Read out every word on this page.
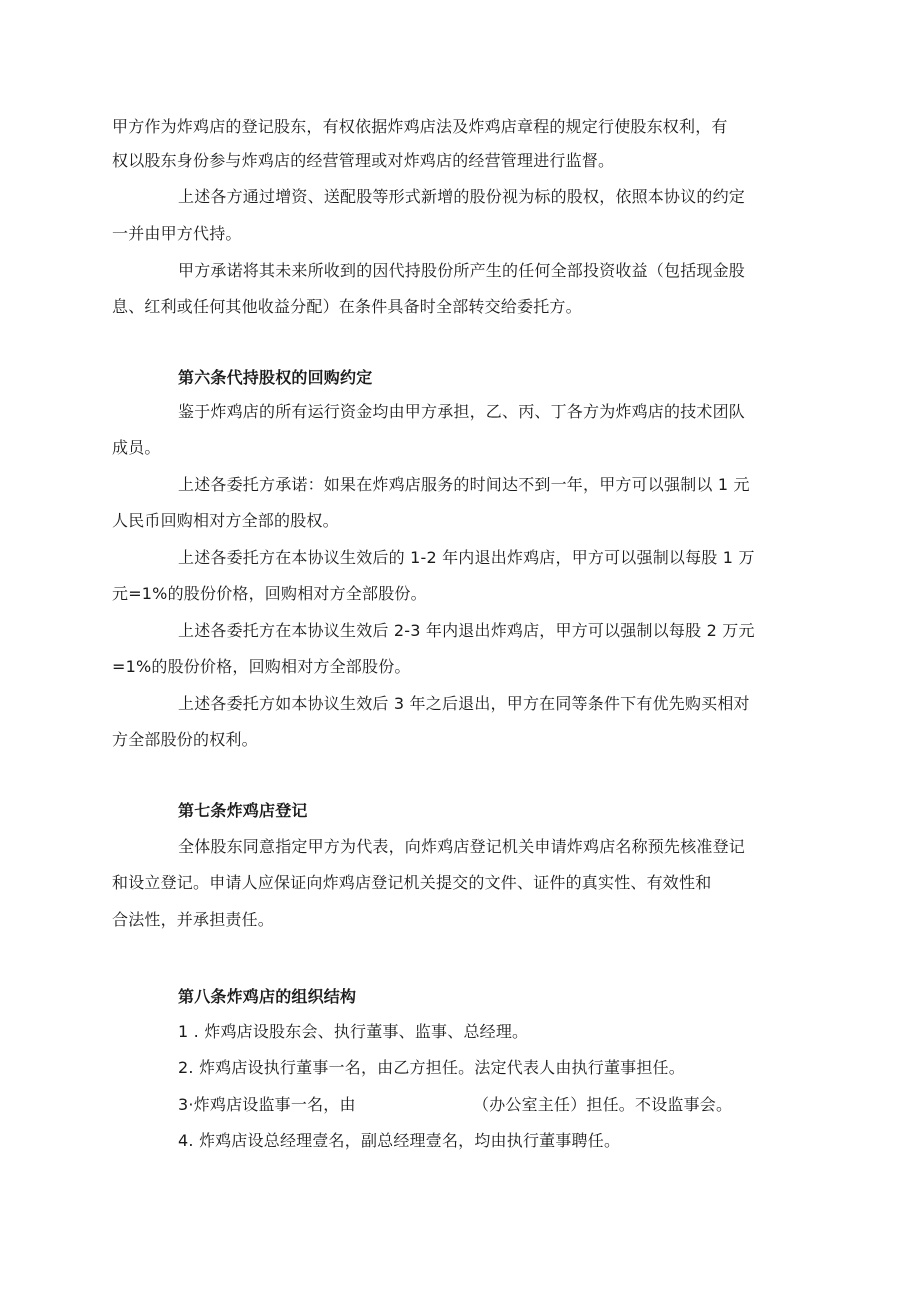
甲方作为炸鸡店的登记股东，有权依据炸鸡店法及炸鸡店章程的规定行使股东权利，有
权以股东身份参与炸鸡店的经营管理或对炸鸡店的经营管理进行监督。
上述各方通过增资、送配股等形式新增的股份视为标的股权，依照本协议的约定
一并由甲方代持。
甲方承诺将其未来所收到的因代持股份所产生的任何全部投资收益（包括现金股
息、红利或任何其他收益分配）在条件具备时全部转交给委托方。
第六条代持股权的回购约定
鉴于炸鸡店的所有运行资金均由甲方承担，乙、丙、丁各方为炸鸡店的技术团队
成员。
上述各委托方承诺：如果在炸鸡店服务的时间达不到一年，甲方可以强制以 1 元
人民币回购相对方全部的股权。
上述各委托方在本协议生效后的 1-2 年内退出炸鸡店，甲方可以强制以每股 1 万
元=1%的股份价格，回购相对方全部股份。
上述各委托方在本协议生效后 2-3 年内退出炸鸡店，甲方可以强制以每股 2 万元
=1%的股份价格，回购相对方全部股份。
上述各委托方如本协议生效后 3 年之后退出，甲方在同等条件下有优先购买相对
方全部股份的权利。
第七条炸鸡店登记
全体股东同意指定甲方为代表，向炸鸡店登记机关申请炸鸡店名称预先核准登记
和设立登记。申请人应保证向炸鸡店登记机关提交的文件、证件的真实性、有效性和
合法性，并承担责任。
第八条炸鸡店的组织结构
1 . 炸鸡店设股东会、执行董事、监事、总经理。
2. 炸鸡店设执行董事一名，由乙方担任。法定代表人由执行董事担任。
3·炸鸡店设监事一名，由	（办公室主任）担任。不设监事会。
4. 炸鸡店设总经理壹名，副总经理壹名，均由执行董事聘任。
